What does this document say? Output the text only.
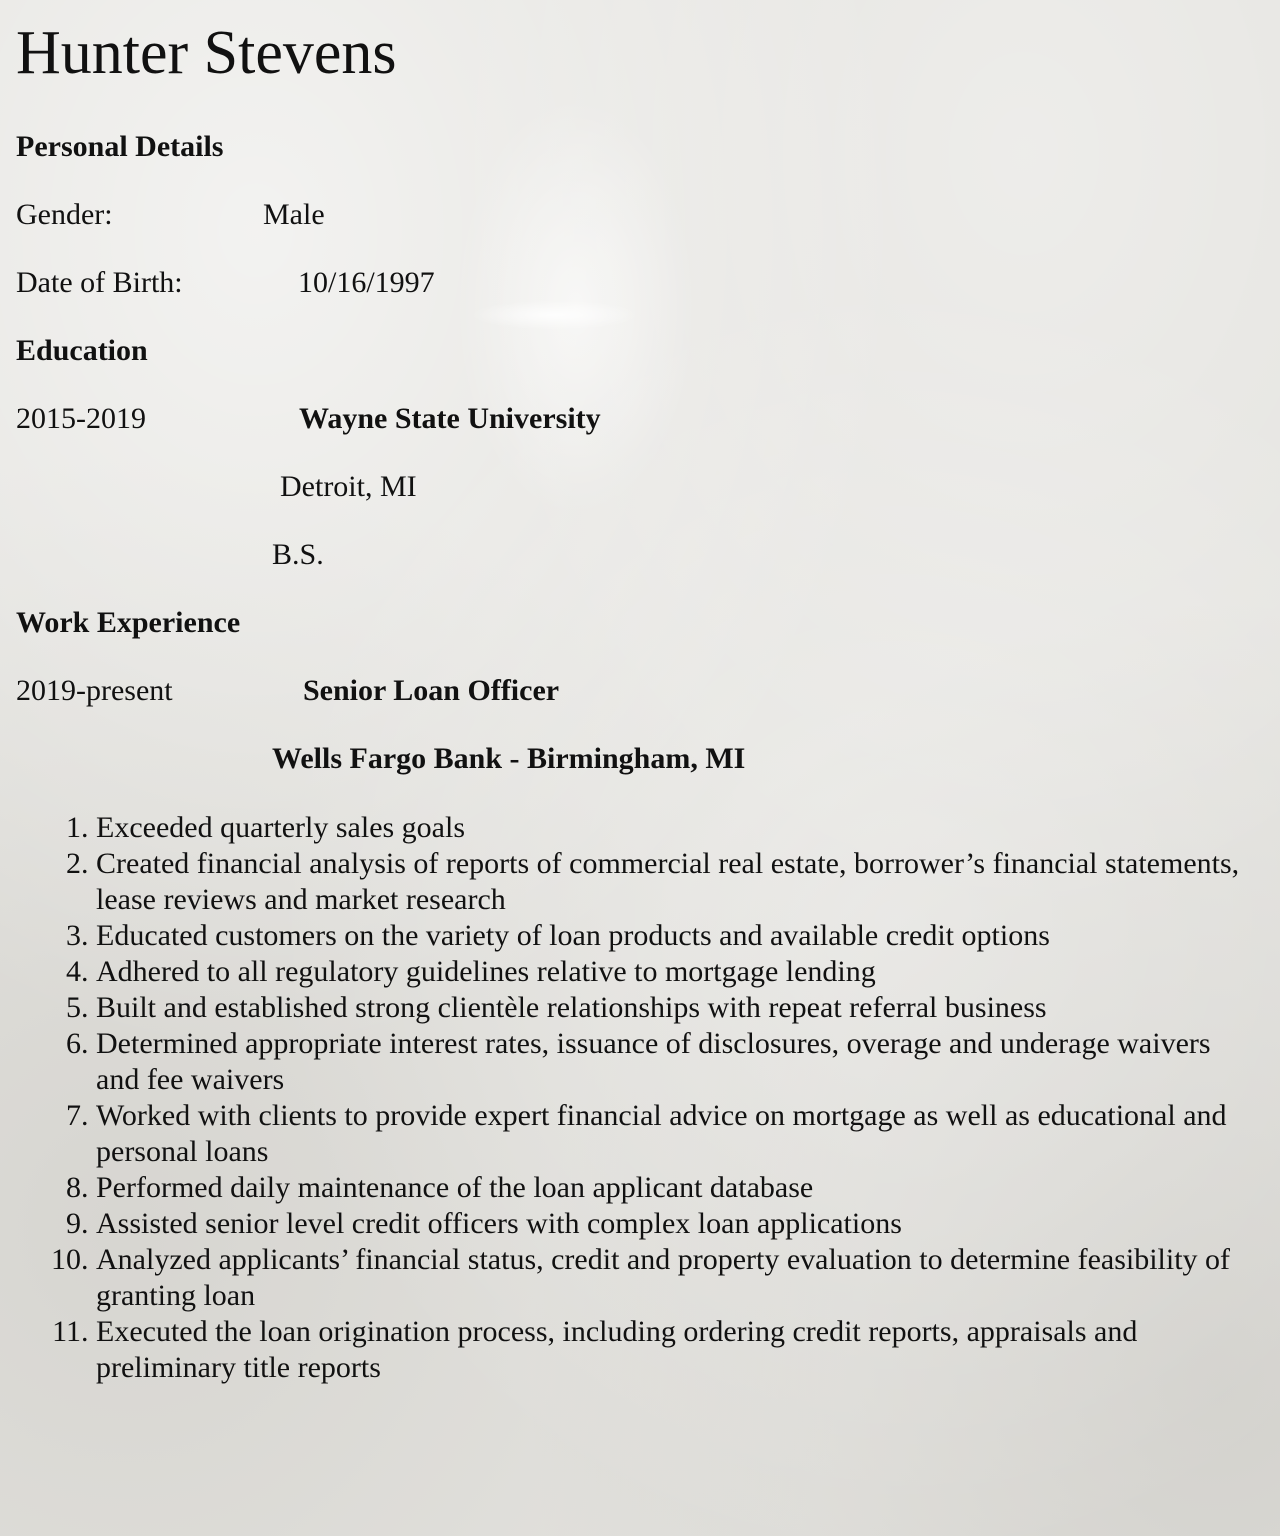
Hunter Stevens
Personal Details
Gender:	Male
Date of Birth:	10/16/1997
Education
2015-2019	Wayne State University
Detroit, MI
B.S.
Work Experience
2019-present	Senior Loan Officer
Wells Fargo Bank - Birmingham, MI
1. Exceeded quarterly sales goals
2. Created financial analysis of reports of commercial real estate, borrower’s financial statements, lease reviews and market research
3. Educated customers on the variety of loan products and available credit options
4. Adhered to all regulatory guidelines relative to mortgage lending
5. Built and established strong clientèle relationships with repeat referral business
6. Determined appropriate interest rates, issuance of disclosures, overage and underage waivers and fee waivers
7. Worked with clients to provide expert financial advice on mortgage as well as educational and personal loans
8. Performed daily maintenance of the loan applicant database
9. Assisted senior level credit officers with complex loan applications
10. Analyzed applicants’ financial status, credit and property evaluation to determine feasibility of granting loan
11. Executed the loan origination process, including ordering credit reports, appraisals and preliminary title reports
